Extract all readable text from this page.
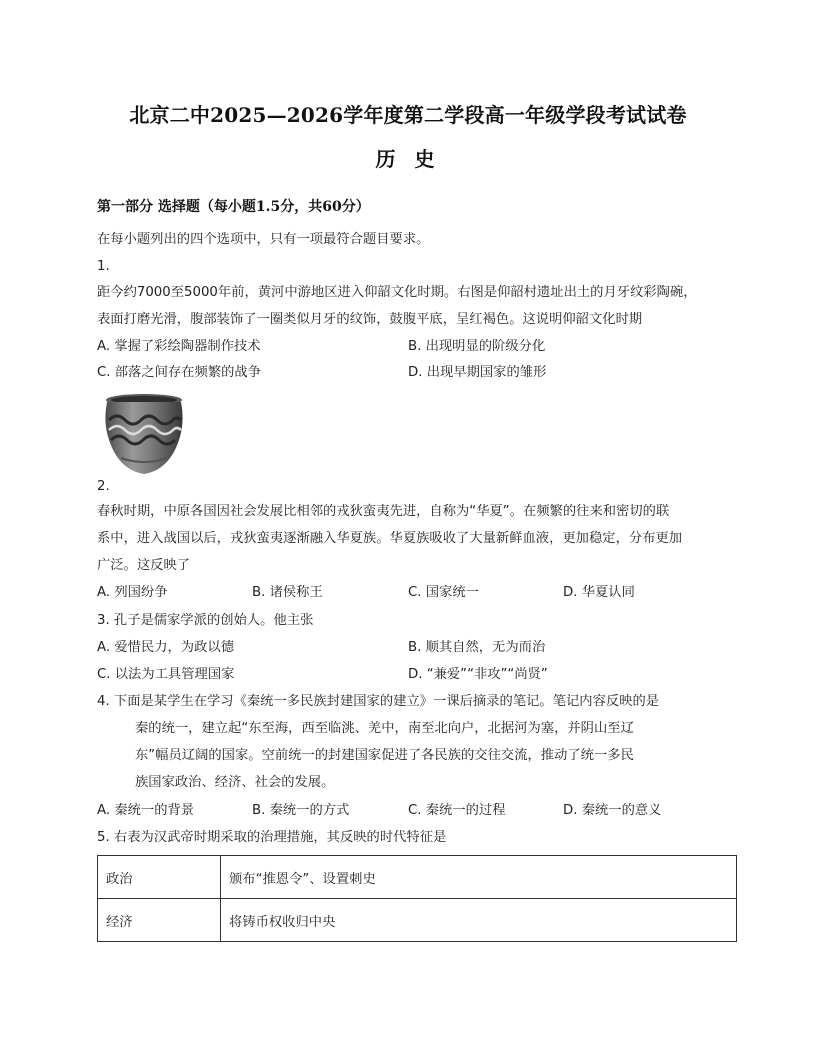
北京二中2025—2026学年度第二学段高一年级学段考试试卷
历 史
第一部分 选择题（每小题1.5分，共60分）
在每小题列出的四个选项中，只有一项最符合题目要求。
1.
距今约7000至5000年前，黄河中游地区进入仰韶文化时期。右图是仰韶村遗址出土的月牙纹彩陶碗，
表面打磨光滑，腹部装饰了一圈类似月牙的纹饰，鼓腹平底，呈红褐色。这说明仰韶文化时期
A. 掌握了彩绘陶器制作技术	B. 出现明显的阶级分化
C. 部落之间存在频繁的战争	D. 出现早期国家的雏形
2.
春秋时期，中原各国因社会发展比相邻的戎狄蛮夷先进，自称为“华夏”。在频繁的往来和密切的联
系中，进入战国以后，戎狄蛮夷逐渐融入华夏族。华夏族吸收了大量新鲜血液，更加稳定，分布更加
广泛。这反映了
A. 列国纷争	B. 诸侯称王	C. 国家统一	D. 华夏认同
3. 孔子是儒家学派的创始人。他主张
A. 爱惜民力，为政以德	B. 顺其自然，无为而治
C. 以法为工具管理国家	D. “兼爱”“非攻”“尚贤”
4. 下面是某学生在学习《秦统一多民族封建国家的建立》一课后摘录的笔记。笔记内容反映的是
秦的统一，建立起“东至海，西至临洮、羌中，南至北向户，北据河为塞，并阴山至辽
东”幅员辽阔的国家。空前统一的封建国家促进了各民族的交往交流，推动了统一多民
族国家政治、经济、社会的发展。
A. 秦统一的背景	B. 秦统一的方式	C. 秦统一的过程	D. 秦统一的意义
5. 右表为汉武帝时期采取的治理措施，其反映的时代特征是
政治	颁布“推恩令”、设置刺史
经济	将铸币权收归中央
